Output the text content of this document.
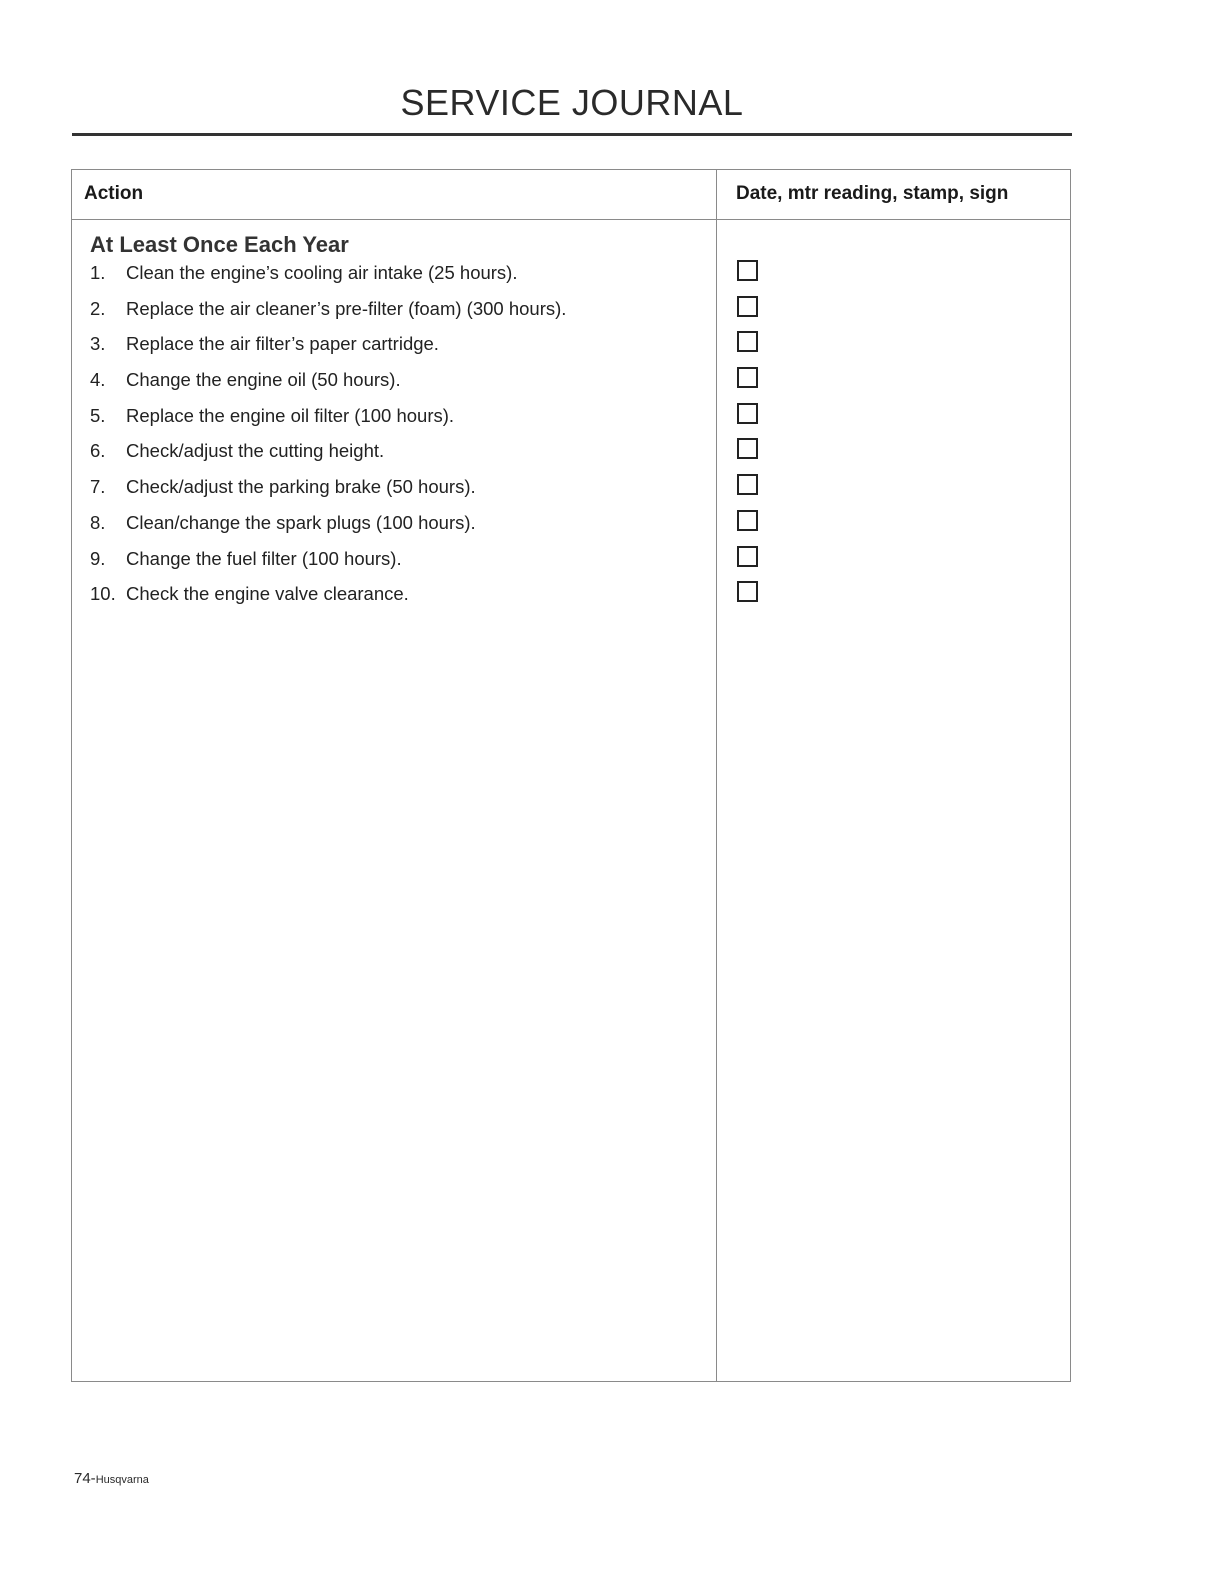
SERVICE JOURNAL
Action	Date, mtr reading, stamp, sign
At Least Once Each Year
1.	Clean the engine’s cooling air intake (25 hours).
2.	Replace the air cleaner’s pre-filter (foam) (300 hours).
3.	Replace the air filter’s paper cartridge.
4.	Change the engine oil (50 hours).
5.	Replace the engine oil filter (100 hours).
6.	Check/adjust the cutting height.
7.	Check/adjust the parking brake (50 hours).
8.	Clean/change the spark plugs (100 hours).
9.	Change the fuel filter (100 hours).
10. Check the engine valve clearance.
74-Husqvarna
